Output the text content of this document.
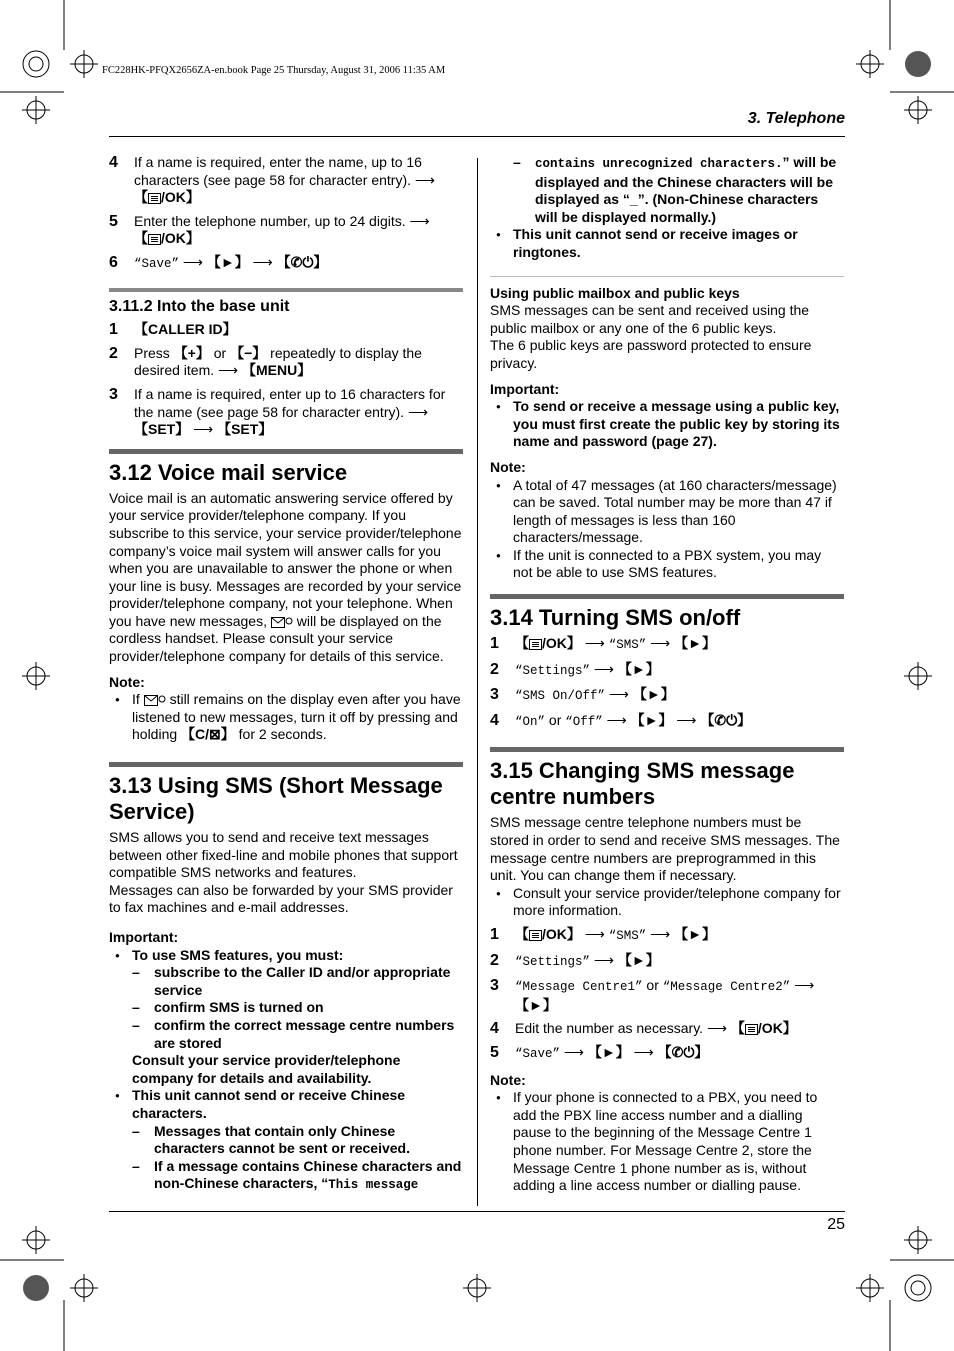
FC228HK-PFQX2656ZA-en.book Page 25 Thursday, August 31, 2006 11:35 AM
3. Telephone
4 If a name is required, enter the name, up to 16 characters (see page 58 for character entry). ⟶
【 /OK】
5 Enter the telephone number, up to 24 digits. ⟶
【 /OK】
6 “Save” ⟶ 【►】 ⟶ 【✆⏻】
3.11.2 Into the base unit
1 【CALLER ID】
2 Press 【+】 or 【−】 repeatedly to display the desired item. ⟶ 【MENU】
3 If a name is required, enter up to 16 characters for the name (see page 58 for character entry). ⟶
【SET】 ⟶ 【SET】
3.12 Voice mail service

Voice mail is an automatic answering service offered by your service provider/telephone company. If you subscribe to this service, your service provider/telephone company’s voice mail system will answer calls for you when you are unavailable to answer the phone or when your line is busy. Messages are recorded by your service provider/telephone company, not your telephone. When you have new messages, will be displayed on the cordless handset. Please consult your service provider/telephone company for details of this service.

Note:
● If still remains on the display even after you have listened to new messages, turn it off by pressing and holding 【C/⊠】 for 2 seconds.
3.13 Using SMS (Short Message Service)

SMS allows you to send and receive text messages between other fixed-line and mobile phones that support compatible SMS networks and features.

Messages can also be forwarded by your SMS provider to fax machines and e-mail addresses.

Important:
● To use SMS features, you must:
– subscribe to the Caller ID and/or appropriate service
– confirm SMS is turned on
– confirm the correct message centre numbers are stored
Consult your service provider/telephone company for details and availability.
● This unit cannot send or receive Chinese characters.
– Messages that contain only Chinese characters cannot be sent or received.
– If a message contains Chinese characters and non-Chinese characters, “This message
– contains unrecognized characters.” will be displayed and the Chinese characters will be displayed as “_”. (Non-Chinese characters will be displayed normally.)
● This unit cannot send or receive images or ringtones.
Using public mailbox and public keys

SMS messages can be sent and received using the public mailbox or any one of the 6 public keys.

The 6 public keys are password protected to ensure privacy.

Important:
● To send or receive a message using a public key, you must first create the public key by storing its name and password (page 27).
Note:
● A total of 47 messages (at 160 characters/message) can be saved. Total number may be more than 47 if length of messages is less than 160 characters/message.
● If the unit is connected to a PBX system, you may not be able to use SMS features.
3.14 Turning SMS on/off
1 【 /OK】 ⟶ “SMS” ⟶ 【►】
2 “Settings” ⟶ 【►】
3 “SMS On/Off” ⟶ 【►】
4 “On” or “Off” ⟶ 【►】 ⟶ 【✆⏻】
3.15 Changing SMS message centre numbers

SMS message centre telephone numbers must be stored in order to send and receive SMS messages. The message centre numbers are preprogrammed in this unit. You can change them if necessary.

● Consult your service provider/telephone company for more information.
1 【 /OK】 ⟶ “SMS” ⟶ 【►】
2 “Settings” ⟶ 【►】
3 “Message Centre1” or “Message Centre2” ⟶
【►】
4 Edit the number as necessary. ⟶ 【 /OK】
5 “Save” ⟶ 【►】 ⟶ 【✆⏻】
Note:
● If your phone is connected to a PBX, you need to add the PBX line access number and a dialling pause to the beginning of the Message Centre 1 phone number. For Message Centre 2, store the Message Centre 1 phone number as is, without adding a line access number or dialling pause.
25
